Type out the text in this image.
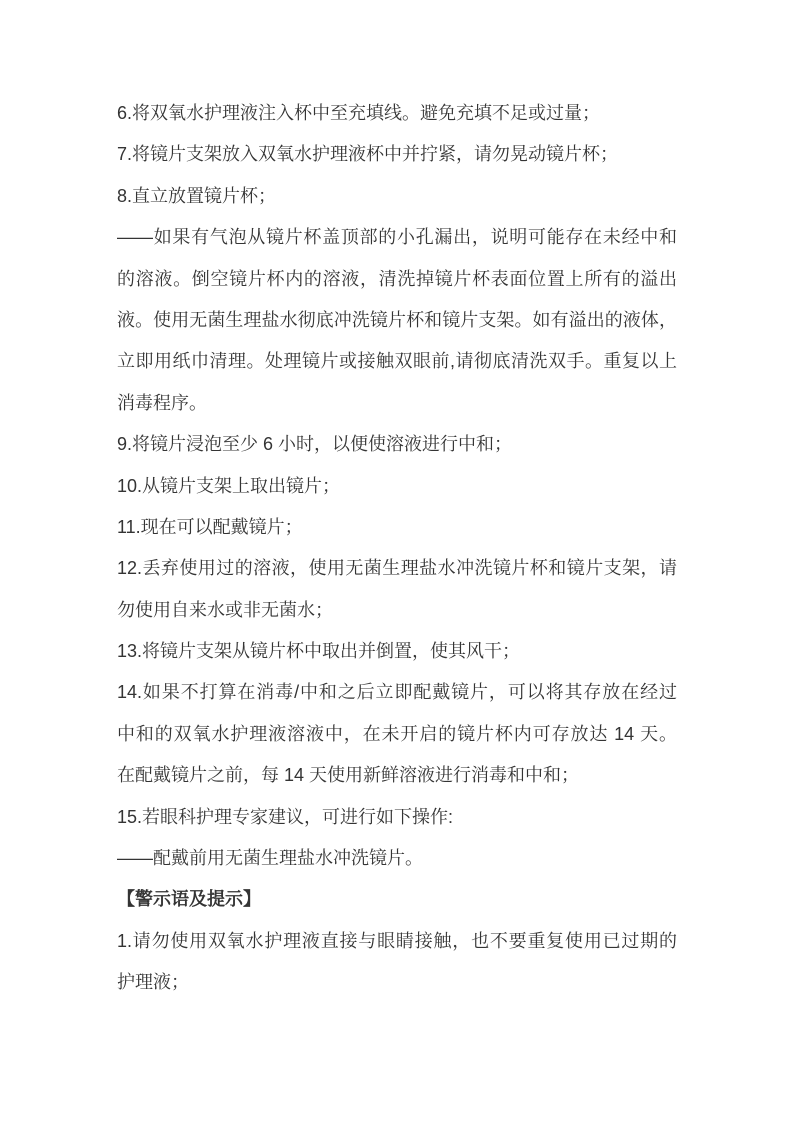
6.将双氧水护理液注入杯中至充填线。避免充填不足或过量；

7.将镜片支架放入双氧水护理液杯中并拧紧，请勿晃动镜片杯；

8.直立放置镜片杯；

——如果有气泡从镜片杯盖顶部的小孔漏出，说明可能存在未经中和
的溶液。倒空镜片杯内的溶液，清洗掉镜片杯表面位置上所有的溢出
液。使用无菌生理盐水彻底冲洗镜片杯和镜片支架。如有溢出的液体，
立即用纸巾清理。处理镜片或接触双眼前,请彻底清洗双手。重复以上
消毒程序。

9.将镜片浸泡至少 6 小时，以便使溶液进行中和；

10.从镜片支架上取出镜片；

11.现在可以配戴镜片；

12.丢弃使用过的溶液，使用无菌生理盐水冲洗镜片杯和镜片支架，请
勿使用自来水或非无菌水；

13.将镜片支架从镜片杯中取出并倒置，使其风干；

14.如果不打算在消毒/中和之后立即配戴镜片，可以将其存放在经过
中和的双氧水护理液溶液中，在未开启的镜片杯内可存放达 14 天。
在配戴镜片之前，每 14 天使用新鲜溶液进行消毒和中和；

15.若眼科护理专家建议，可进行如下操作:

——配戴前用无菌生理盐水冲洗镜片。

【警示语及提示】

1.请勿使用双氧水护理液直接与眼睛接触，也不要重复使用已过期的
护理液；
